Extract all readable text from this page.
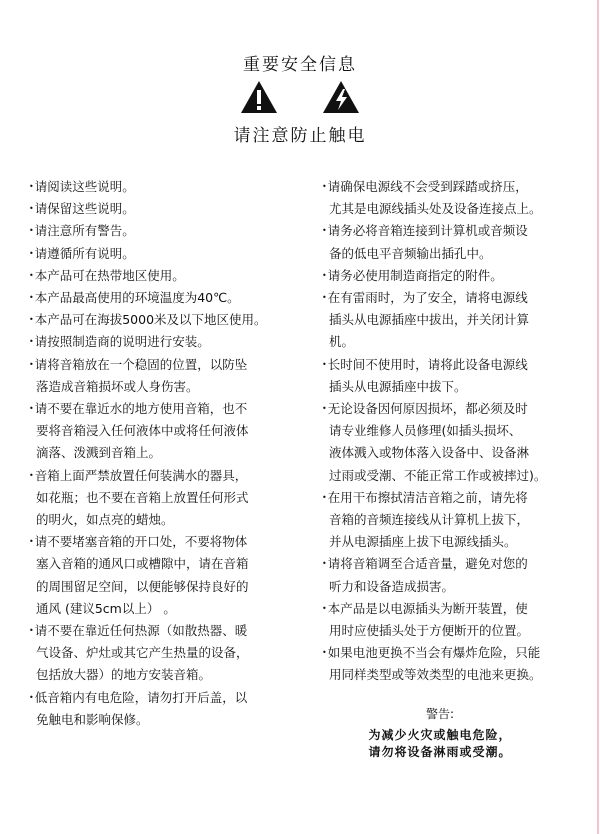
重要安全信息
请注意防止触电
• 请阅读这些说明。
• 请保留这些说明。
• 请注意所有警告。
• 请遵循所有说明。
• 本产品可在热带地区使用。
• 本产品最高使用的环境温度为40℃。
• 本产品可在海拔5000米及以下地区使用。
• 请按照制造商的说明进行安装。
• 请将音箱放在一个稳固的位置，以防坠
落造成音箱损坏或人身伤害。
• 请不要在靠近水的地方使用音箱，也不
要将音箱浸入任何液体中或将任何液体
滴落、泼溅到音箱上。
• 音箱上面严禁放置任何装满水的器具，
如花瓶；也不要在音箱上放置任何形式
的明火，如点亮的蜡烛。
• 请不要堵塞音箱的开口处，不要将物体
塞入音箱的通风口或槽隙中，请在音箱
的周围留足空间，以便能够保持良好的
通风 (建议5cm以上） 。
• 请不要在靠近任何热源（如散热器、暖
气设备、炉灶或其它产生热量的设备，
包括放大器）的地方安装音箱。
• 低音箱内有电危险，请勿打开后盖，以
免触电和影响保修。
• 请确保电源线不会受到踩踏或挤压，
尤其是电源线插头处及设备连接点上。
• 请务必将音箱连接到计算机或音频设
备的低电平音频输出插孔中。
• 请务必使用制造商指定的附件。
• 在有雷雨时，为了安全，请将电源线
插头从电源插座中拔出，并关闭计算
机。
• 长时间不使用时，请将此设备电源线
插头从电源插座中拔下。
• 无论设备因何原因损坏，都必须及时
请专业维修人员修理(如插头损坏、
液体溅入或物体落入设备中、设备淋
过雨或受潮、不能正常工作或被摔过)。
• 在用干布擦拭清洁音箱之前，请先将
音箱的音频连接线从计算机上拔下，
并从电源插座上拔下电源线插头。
• 请将音箱调至合适音量，避免对您的
听力和设备造成损害。
• 本产品是以电源插头为断开装置，使
用时应使插头处于方便断开的位置。
• 如果电池更换不当会有爆炸危险，只能
用同样类型或等效类型的电池来更换。
警告:
为减少火灾或触电危险，
请勿将设备淋雨或受潮。
